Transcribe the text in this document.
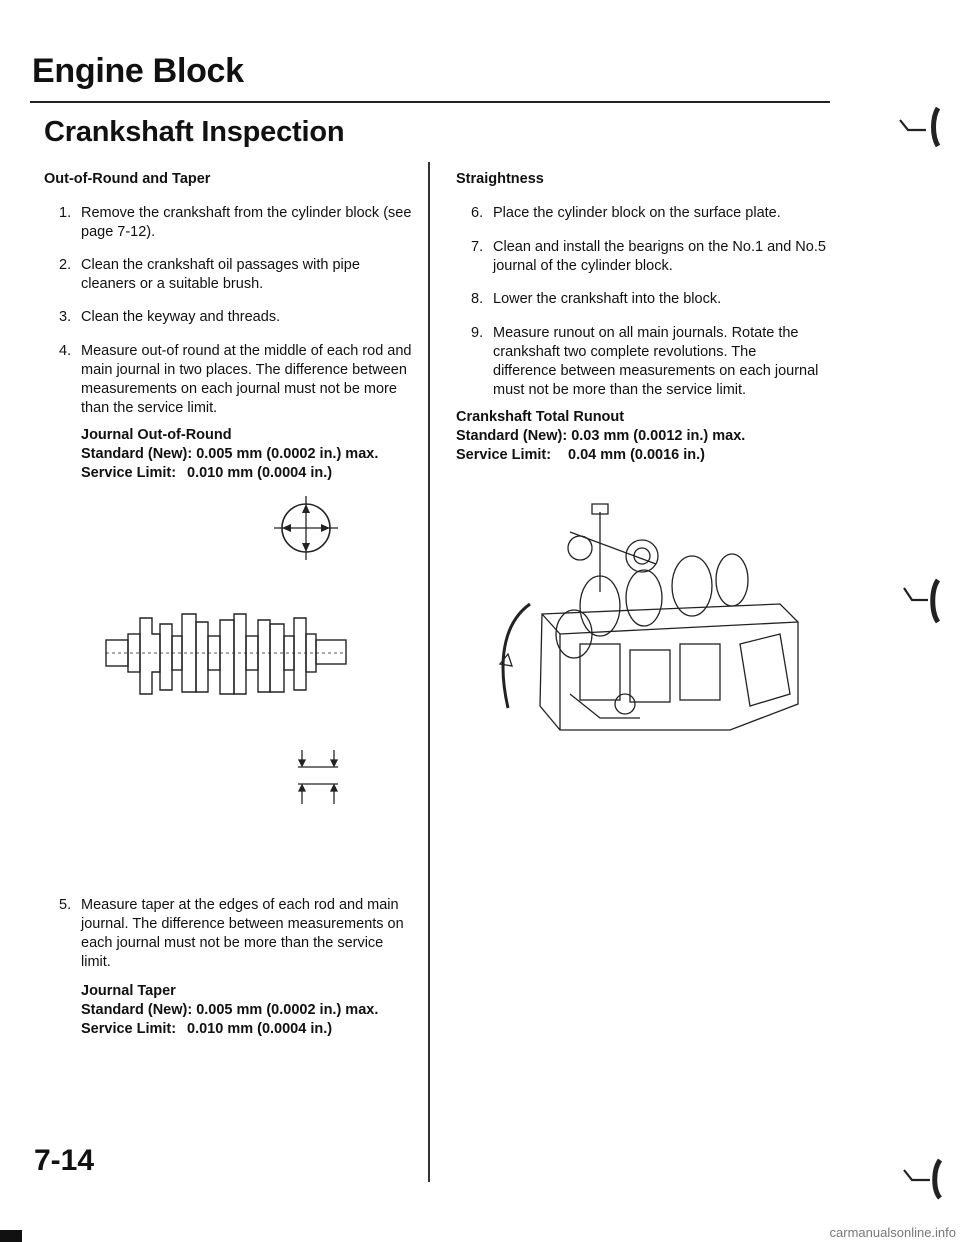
Engine Block
Crankshaft Inspection
Out-of-Round and Taper
1. Remove the crankshaft from the cylinder block (see
page 7-12).
2. Clean the crankshaft oil passages with pipe
cleaners or a suitable brush.
3. Clean the keyway and threads.
4. Measure out-of round at the middle of each rod and
main journal in two places. The difference between
measurements on each journal must not be more
than the service limit.
Journal Out-of-Round
Standard (New): 0.005 mm (0.0002 in.) max.
Service Limit: 0.010 mm (0.0004 in.)
5. Measure taper at the edges of each rod and main
journal. The difference between measurements on
each journal must not be more than the service
limit.
Journal Taper
Standard (New): 0.005 mm (0.0002 in.) max.
Service Limit: 0.010 mm (0.0004 in.)
Straightness
6. Place the cylinder block on the surface plate.
7. Clean and install the bearigns on the No.1 and No.5
journal of the cylinder block.
8. Lower the crankshaft into the block.
9. Measure runout on all main journals. Rotate the
crankshaft two complete revolutions. The
difference between measurements on each journal
must not be more than the service limit.
Crankshaft Total Runout
Standard (New): 0.03 mm (0.0012 in.) max.
Service Limit: 0.04 mm (0.0016 in.)
7-14
carmanualsonline.info
